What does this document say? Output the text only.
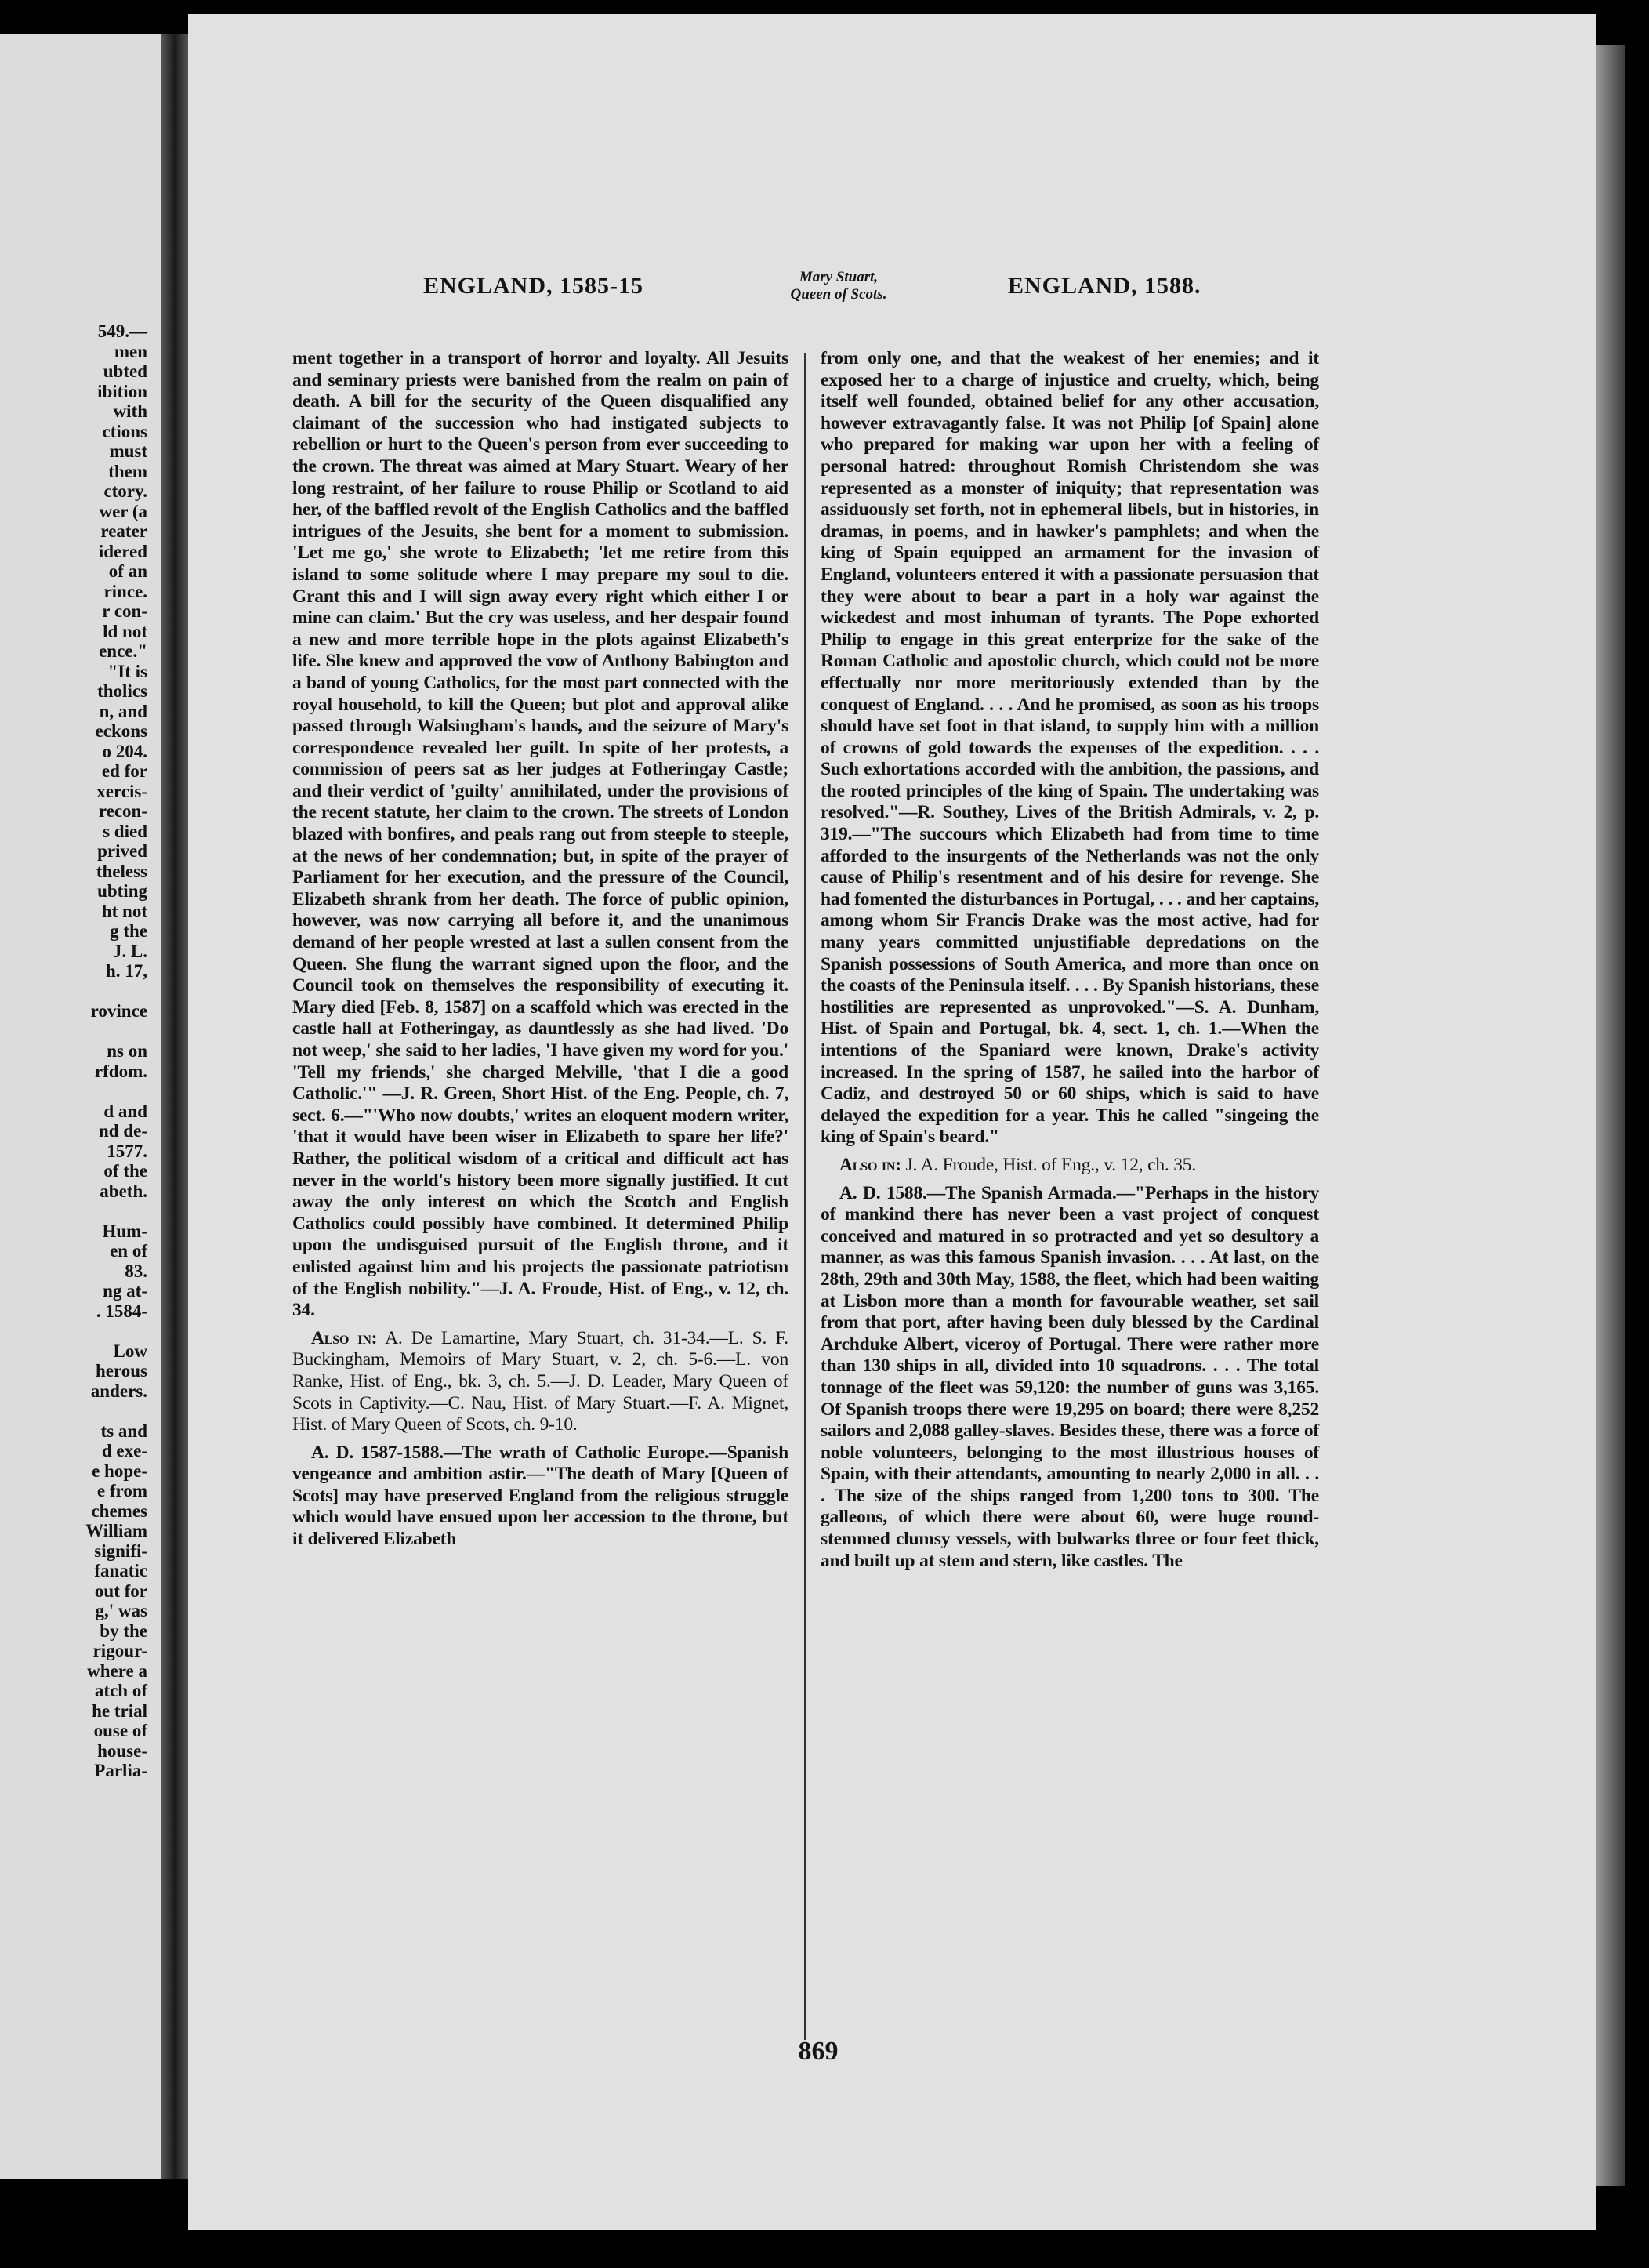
549.—
men
ubted
ibition
with
ctions
must
them
ctory.
wer (a
reater
idered
of an
rince.
r con-
ld not
ence."
"It is
tholics
n, and
eckons
o 204.
ed for
xercis-
recon-
s died
prived
theless
ubting
ht not
g the
J. L.
h. 17,
rovince
ns on
rfdom.
d and
nd de-
1577.
of the
abeth.
Hum-
en of
83.
ng at-
. 1584-
Low
herous
anders.
ts and
d exe-
e hope-
e from
chemes
William
signifi-
fanatic
out for
g,' was
by the
rigour-
where a
atch of
he trial
ouse of
house-
Parlia-
ENGLAND, 1585-15	Mary Stuart,
Queen of Scots.	ENGLAND, 1588.

ment together in a transport of horror and loyalty. All Jesuits and seminary priests were banished from the realm on pain of death. A bill for the security of the Queen disqualified any claimant of the succession who had instigated subjects to rebellion or hurt to the Queen's person from ever succeeding to the crown. The threat was aimed at Mary Stuart. Weary of her long restraint, of her failure to rouse Philip or Scotland to aid her, of the baffled revolt of the English Catholics and the baffled intrigues of the Jesuits, she bent for a moment to submission. 'Let me go,' she wrote to Elizabeth; 'let me retire from this island to some solitude where I may prepare my soul to die. Grant this and I will sign away every right which either I or mine can claim.' But the cry was useless, and her despair found a new and more terrible hope in the plots against Elizabeth's life. She knew and approved the vow of Anthony Babington and a band of young Catholics, for the most part connected with the royal household, to kill the Queen; but plot and approval alike passed through Walsingham's hands, and the seizure of Mary's correspondence revealed her guilt. In spite of her protests, a commission of peers sat as her judges at Fotheringay Castle; and their verdict of 'guilty' annihilated, under the provisions of the recent statute, her claim to the crown. The streets of London blazed with bonfires, and peals rang out from steeple to steeple, at the news of her condemnation; but, in spite of the prayer of Parliament for her execution, and the pressure of the Council, Elizabeth shrank from her death. The force of public opinion, however, was now carrying all before it, and the unanimous demand of her people wrested at last a sullen consent from the Queen. She flung the warrant signed upon the floor, and the Council took on themselves the responsibility of executing it. Mary died [Feb. 8, 1587] on a scaffold which was erected in the castle hall at Fotheringay, as dauntlessly as she had lived. 'Do not weep,' she said to her ladies, 'I have given my word for you.' 'Tell my friends,' she charged Melville, 'that I die a good Catholic.'" —J. R. Green, Short Hist. of the Eng. People, ch. 7, sect. 6.—"'Who now doubts,' writes an eloquent modern writer, 'that it would have been wiser in Elizabeth to spare her life?' Rather, the political wisdom of a critical and difficult act has never in the world's history been more signally justified. It cut away the only interest on which the Scotch and English Catholics could possibly have combined. It determined Philip upon the undisguised pursuit of the English throne, and it enlisted against him and his projects the passionate patriotism of the English nobility."—J. A. Froude, Hist. of Eng., v. 12, ch. 34.

Also in: A. De Lamartine, Mary Stuart, ch. 31-34.—L. S. F. Buckingham, Memoirs of Mary Stuart, v. 2, ch. 5-6.—L. von Ranke, Hist. of Eng., bk. 3, ch. 5.—J. D. Leader, Mary Queen of Scots in Captivity.—C. Nau, Hist. of Mary Stuart.—F. A. Mignet, Hist. of Mary Queen of Scots, ch. 9-10.

A. D. 1587-1588.—The wrath of Catholic Europe.—Spanish vengeance and ambition astir.—"The death of Mary [Queen of Scots] may have preserved England from the religious struggle which would have ensued upon her accession to the throne, but it delivered Elizabeth

from only one, and that the weakest of her enemies; and it exposed her to a charge of injustice and cruelty, which, being itself well founded, obtained belief for any other accusation, however extravagantly false. It was not Philip [of Spain] alone who prepared for making war upon her with a feeling of personal hatred: throughout Romish Christendom she was represented as a monster of iniquity; that representation was assiduously set forth, not in ephemeral libels, but in histories, in dramas, in poems, and in hawker's pamphlets; and when the king of Spain equipped an armament for the invasion of England, volunteers entered it with a passionate persuasion that they were about to bear a part in a holy war against the wickedest and most inhuman of tyrants. The Pope exhorted Philip to engage in this great enterprize for the sake of the Roman Catholic and apostolic church, which could not be more effectually nor more meritoriously extended than by the conquest of England. . . . And he promised, as soon as his troops should have set foot in that island, to supply him with a million of crowns of gold towards the expenses of the expedition. . . . Such exhortations accorded with the ambition, the passions, and the rooted principles of the king of Spain. The undertaking was resolved."—R. Southey, Lives of the British Admirals, v. 2, p. 319.—"The succours which Elizabeth had from time to time afforded to the insurgents of the Netherlands was not the only cause of Philip's resentment and of his desire for revenge. She had fomented the disturbances in Portugal, . . . and her captains, among whom Sir Francis Drake was the most active, had for many years committed unjustifiable depredations on the Spanish possessions of South America, and more than once on the coasts of the Peninsula itself. . . . By Spanish historians, these hostilities are represented as unprovoked."—S. A. Dunham, Hist. of Spain and Portugal, bk. 4, sect. 1, ch. 1.—When the intentions of the Spaniard were known, Drake's activity increased. In the spring of 1587, he sailed into the harbor of Cadiz, and destroyed 50 or 60 ships, which is said to have delayed the expedition for a year. This he called "singeing the king of Spain's beard."

Also in: J. A. Froude, Hist. of Eng., v. 12, ch. 35.

A. D. 1588.—The Spanish Armada.—"Perhaps in the history of mankind there has never been a vast project of conquest conceived and matured in so protracted and yet so desultory a manner, as was this famous Spanish invasion. . . . At last, on the 28th, 29th and 30th May, 1588, the fleet, which had been waiting at Lisbon more than a month for favourable weather, set sail from that port, after having been duly blessed by the Cardinal Archduke Albert, viceroy of Portugal. There were rather more than 130 ships in all, divided into 10 squadrons. . . . The total tonnage of the fleet was 59,120: the number of guns was 3,165. Of Spanish troops there were 19,295 on board; there were 8,252 sailors and 2,088 galley-slaves. Besides these, there was a force of noble volunteers, belonging to the most illustrious houses of Spain, with their attendants, amounting to nearly 2,000 in all. . . . The size of the ships ranged from 1,200 tons to 300. The galleons, of which there were about 60, were huge round-stemmed clumsy vessels, with bulwarks three or four feet thick, and built up at stem and stern, like castles. The

869
